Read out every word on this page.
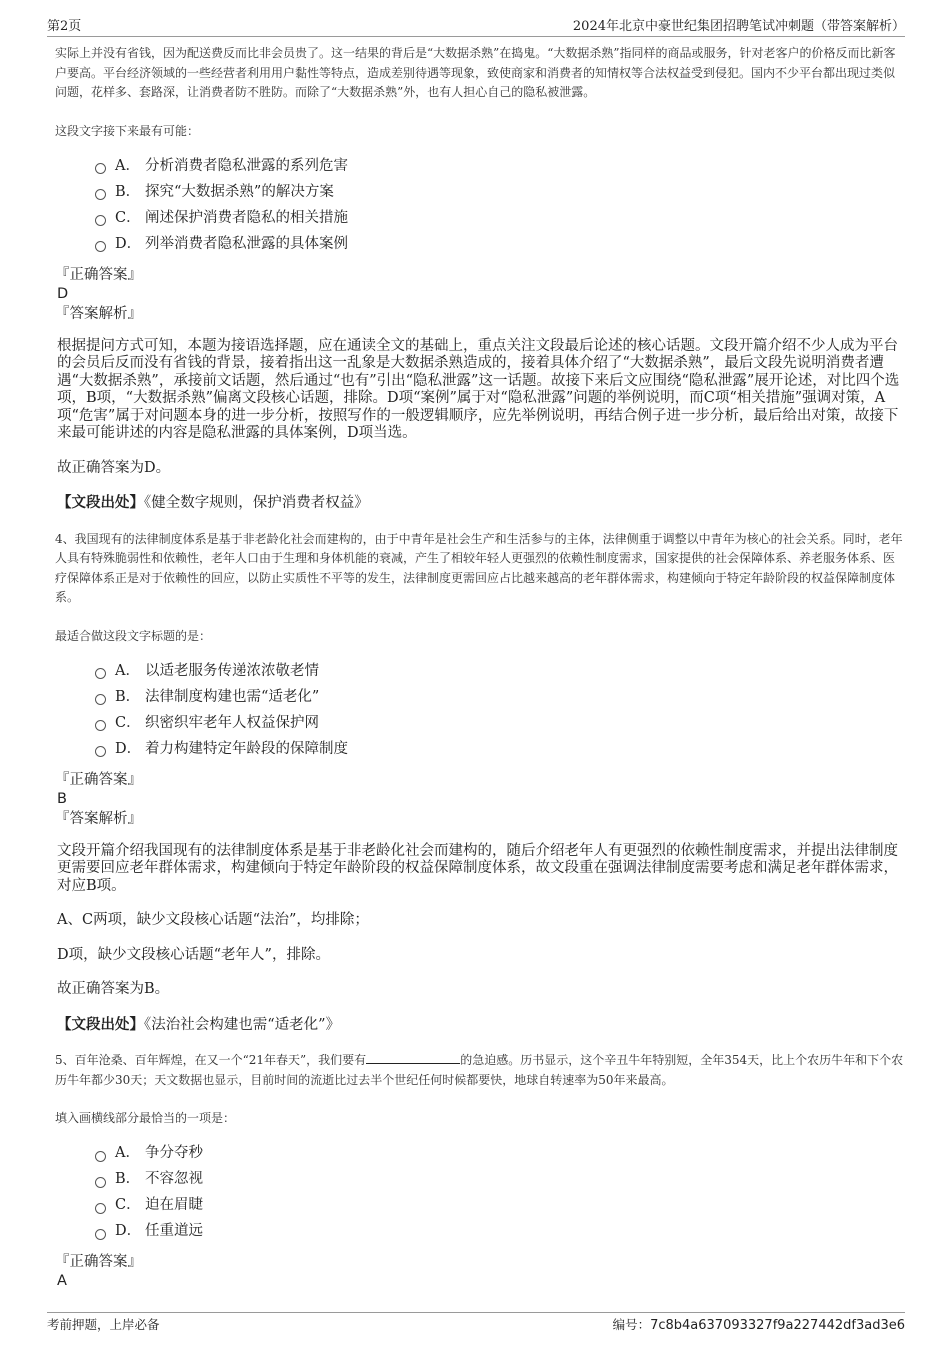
第2页	2024年北京中豪世纪集团招聘笔试冲刺题（带答案解析）

实际上并没有省钱，因为配送费反而比非会员贵了。这一结果的背后是“大数据杀熟”在捣鬼。“大数据杀熟”指同样的商品或服务，针对老客户的价格反而比新客户要高。平台经济领域的一些经营者利用用户黏性等特点，造成差别待遇等现象，致使商家和消费者的知情权等合法权益受到侵犯。国内不少平台都出现过类似问题，花样多、套路深，让消费者防不胜防。而除了“大数据杀熟”外，也有人担心自己的隐私被泄露。

这段文字接下来最有可能：

A． 分析消费者隐私泄露的系列危害
B． 探究“大数据杀熟”的解决方案
C． 阐述保护消费者隐私的相关措施
D． 列举消费者隐私泄露的具体案例

『正确答案』

D

『答案解析』

根据提问方式可知，本题为接语选择题，应在通读全文的基础上，重点关注文段最后论述的核心话题。文段开篇介绍不少人成为平台的会员后反而没有省钱的背景，接着指出这一乱象是大数据杀熟造成的，接着具体介绍了“大数据杀熟”，最后文段先说明消费者遭遇“大数据杀熟”，承接前文话题，然后通过“也有”引出“隐私泄露”这一话题。故接下来后文应围绕“隐私泄露”展开论述，对比四个选项，B项，“大数据杀熟”偏离文段核心话题，排除。D项“案例”属于对“隐私泄露”问题的举例说明，而C项“相关措施”强调对策，A项“危害”属于对问题本身的进一步分析，按照写作的一般逻辑顺序，应先举例说明，再结合例子进一步分析，最后给出对策，故接下来最可能讲述的内容是隐私泄露的具体案例，D项当选。

故正确答案为D。

【文段出处】《健全数字规则，保护消费者权益》

4、我国现有的法律制度体系是基于非老龄化社会而建构的，由于中青年是社会生产和生活参与的主体，法律侧重于调整以中青年为核心的社会关系。同时，老年人具有特殊脆弱性和依赖性，老年人口由于生理和身体机能的衰减，产生了相较年轻人更强烈的依赖性制度需求，国家提供的社会保障体系、养老服务体系、医疗保障体系正是对于依赖性的回应，以防止实质性不平等的发生，法律制度更需回应占比越来越高的老年群体需求，构建倾向于特定年龄阶段的权益保障制度体系。

最适合做这段文字标题的是：

A． 以适老服务传递浓浓敬老情
B． 法律制度构建也需“适老化”
C． 织密织牢老年人权益保护网
D． 着力构建特定年龄段的保障制度

『正确答案』

B

『答案解析』

文段开篇介绍我国现有的法律制度体系是基于非老龄化社会而建构的，随后介绍老年人有更强烈的依赖性制度需求，并提出法律制度更需要回应老年群体需求，构建倾向于特定年龄阶段的权益保障制度体系，故文段重在强调法律制度需要考虑和满足老年群体需求，对应B项。

A、C两项，缺少文段核心话题“法治”，均排除；

D项，缺少文段核心话题“老年人”，排除。

故正确答案为B。

【文段出处】《法治社会构建也需“适老化”》

5、百年沧桑、百年辉煌，在又一个“21年春天”，我们要有	的急迫感。历书显示，这个辛丑牛年特别短，全年354天，比上个农历牛年和下个农历牛年都少30天；天文数据也显示，目前时间的流逝比过去半个世纪任何时候都要快，地球自转速率为50年来最高。

填入画横线部分最恰当的一项是：

A． 争分夺秒
B． 不容忽视
C． 迫在眉睫
D． 任重道远

『正确答案』

A

考前押题，上岸必备	编号：7c8b4a637093327f9a227442df3ad3e6
